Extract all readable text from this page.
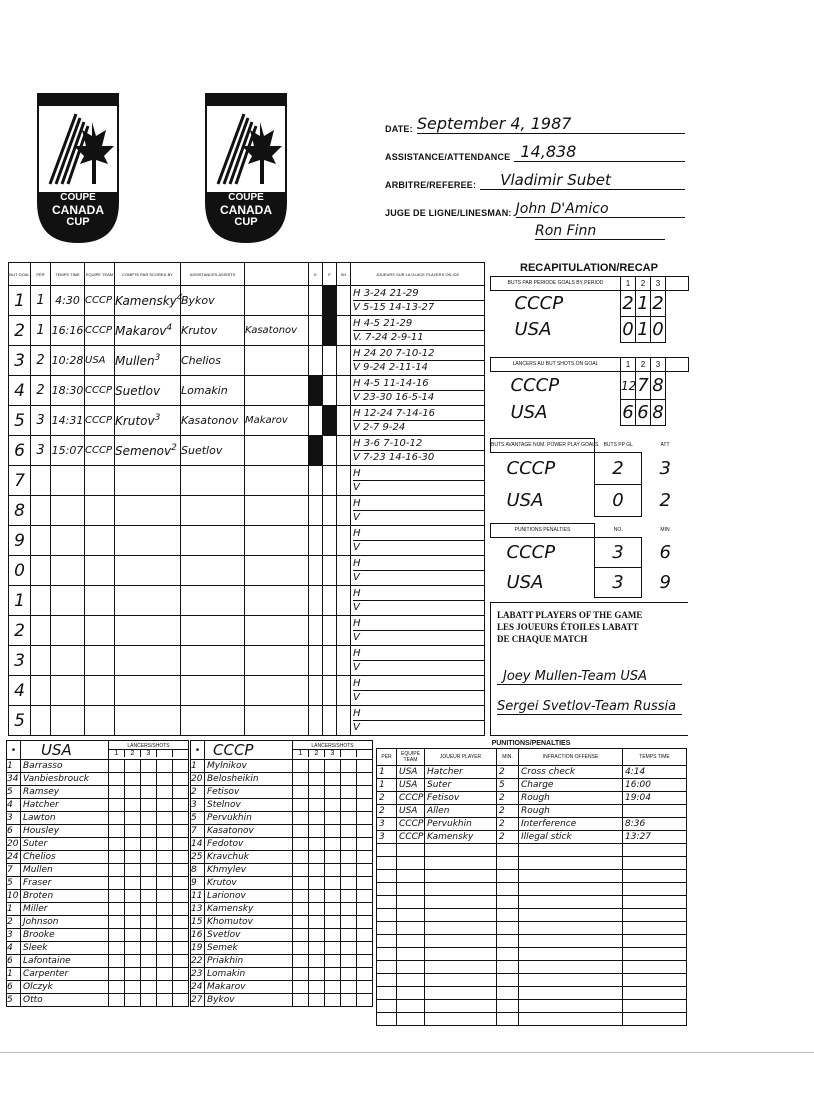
COUPE
CANADA
CUP
COUPE
CANADA
CUP
DATE: September 4, 1987
ASSISTANCE/ATTENDANCE 14,838
ARBITRE/REFEREE:	Vladimir Subet
JUGE DE LIGNE/LINESMAN: John D'Amico
Ron Finn
BUT GOAL	PER	TEMPS TIME	EQUIPE TEAM	COMPTE PAR SCORED BY	ASSISTANCES ASSISTS		E	P	SH	JOUEURS SUR LA GLACE PLAYERS ON ICE
1	1	4:30	CCCP	Kamensky$^4$	Bykov					H 3-24 21-29
V 5-15 14-13-27

2	1	16:16	CCCP	Makarov$^4$	Krutov	Kasatonov				H 4-5 21-29
V. 7-24 2-9-11

3	2	10:28	USA	Mullen$^3$	Chelios					H 24 20 7-10-12
V 9-24 2-11-14

4	2	18:30	CCCP	Suetlov	Lomakin					H 4-5 11-14-16
V 23-30 16-5-14

5	3	14:31	CCCP	Krutov$^3$	Kasatonov	Makarov				H 12-24 7-14-16
V 2-7 9-24

6	3	15:07	CCCP	Semenov$^2$	Suetlov					H 3-6 7-10-12
V 7-23 14-16-30

7										H
V

8										H
V

9										H
V

0										H
V

1										H
V

2										H
V

3										H
V

4										H
V

5										H
V
RECAPITULATION/RECAP
BUTS PAR PERIODE GOALS BY PERIOD	1	2	3	
CCCP	2	1	2	
USA	0	1	0	
LANCERS AU BUT SHOTS ON GOAL	1	2	3	
CCCP	12	7	8	
USA	6	6	8	
BUTS AVANTAGE NUM. POWER PLAY GOALS	BUTS PP GL	ATT
CCCP	2	3
USA	0	2
PUNITIONS PENALTIES	NO.	MIN
CCCP	3	6
USA	3	9
LABATT PLAYERS OF THE GAME
LES JOUEURS ÉTOILES LABATT
DE CHAQUE MATCH
Joey Mullen-Team USA
Sergei Svetlov-Team Russia
•	USA	LANCERS/SHOTS
1 2 3				

1	Barrasso					
34	Vanbiesbrouck					
5	Ramsey					
4	Hatcher					
3	Lawton					
6	Housley					
20	Suter					
24	Chelios					
7	Mullen					
5	Fraser					
10	Broten					
1	Miller					
2	Johnson					
3	Brooke					
4	Sleek					
6	Lafontaine					
1	Carpenter					
6	Olczyk					
5	Otto					
•	CCCP	LANCERS/SHOTS
1 2 3				

1	Mylnikov					
20	Belosheikin					
2	Fetisov					
3	Stelnov					
5	Pervukhin					
7	Kasatonov					
14	Fedotov					
25	Kravchuk					
8	Khmylev					
9	Krutov					
11	Larionov					
13	Kamensky					
15	Khomutov					
16	Svetlov					
19	Semek					
22	Priakhin					
23	Lomakin					
24	Makarov					
27	Bykov					
PUNITIONS/PENALTIES
PER	EQUIPE TEAM	JOUEUR PLAYER	MIN.	INFRACTION OFFENSE	TEMPS TIME
1	USA	Hatcher	2	Cross check	4:14
1	USA	Suter	5	Charge	16:00
2	CCCP	Fetisov	2	Rough	19:04
2	USA	Allen	2	Rough	
3	CCCP	Pervukhin	2	Interference	8:36
3	CCCP	Kamensky	2	Illegal stick	13:27
